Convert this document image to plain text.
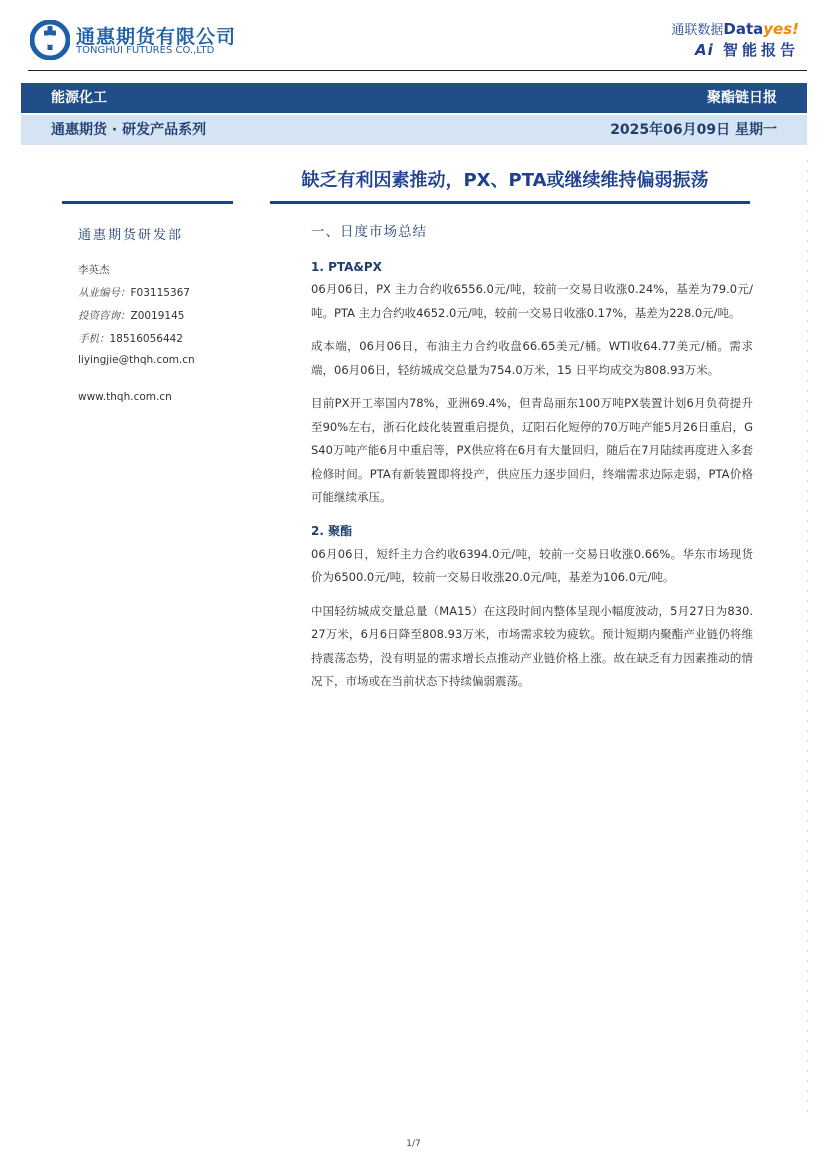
通惠期货有限公司
TONGHUI FUTURES CO.,LTD
通联数据Datayes!
Ai 智能报告
能源化工	聚酯链日报
通惠期货 · 研发产品系列	2025年06月09日 星期一
缺乏有利因素推动，PX、PTA或继续维持偏弱振荡
通惠期货研发部
李英杰
从业编号：F03115367
投资咨询：Z0019145
手机：18516056442
liyingjie@thqh.com.cn
www.thqh.com.cn
一、日度市场总结
1. PTA&PX

06月06日，PX 主力合约收6556.0元/吨，较前一交易日收涨0.24%，基差为79.0元/吨。PTA 主力合约收4652.0元/吨，较前一交易日收涨0.17%，基差为228.0元/吨。

成本端，06月06日，布油主力合约收盘66.65美元/桶。WTI收64.77美元/桶。需求端，06月06日，轻纺城成交总量为754.0万米，15 日平均成交为808.93万米。

目前PX开工率国内78%，亚洲69.4%，但青岛丽东100万吨PX装置计划6月负荷提升至90%左右，浙石化歧化装置重启提负，辽阳石化短停的70万吨产能5月26日重启，GS40万吨产能6月中重启等，PX供应将在6月有大量回归，随后在7月陆续再度进入多套检修时间。PTA有新装置即将投产，供应压力逐步回归，终端需求边际走弱，PTA价格可能继续承压。

2. 聚酯

06月06日，短纤主力合约收6394.0元/吨，较前一交易日收涨0.66%。华东市场现货价为6500.0元/吨，较前一交易日收涨20.0元/吨，基差为106.0元/吨。

中国轻纺城成交量总量（MA15）在这段时间内整体呈现小幅度波动，5月27日为830.27万米，6月6日降至808.93万米，市场需求较为疲软。预计短期内聚酯产业链仍将维持震荡态势，没有明显的需求增长点推动产业链价格上涨。故在缺乏有力因素推动的情况下，市场或在当前状态下持续偏弱震荡。

1/7
